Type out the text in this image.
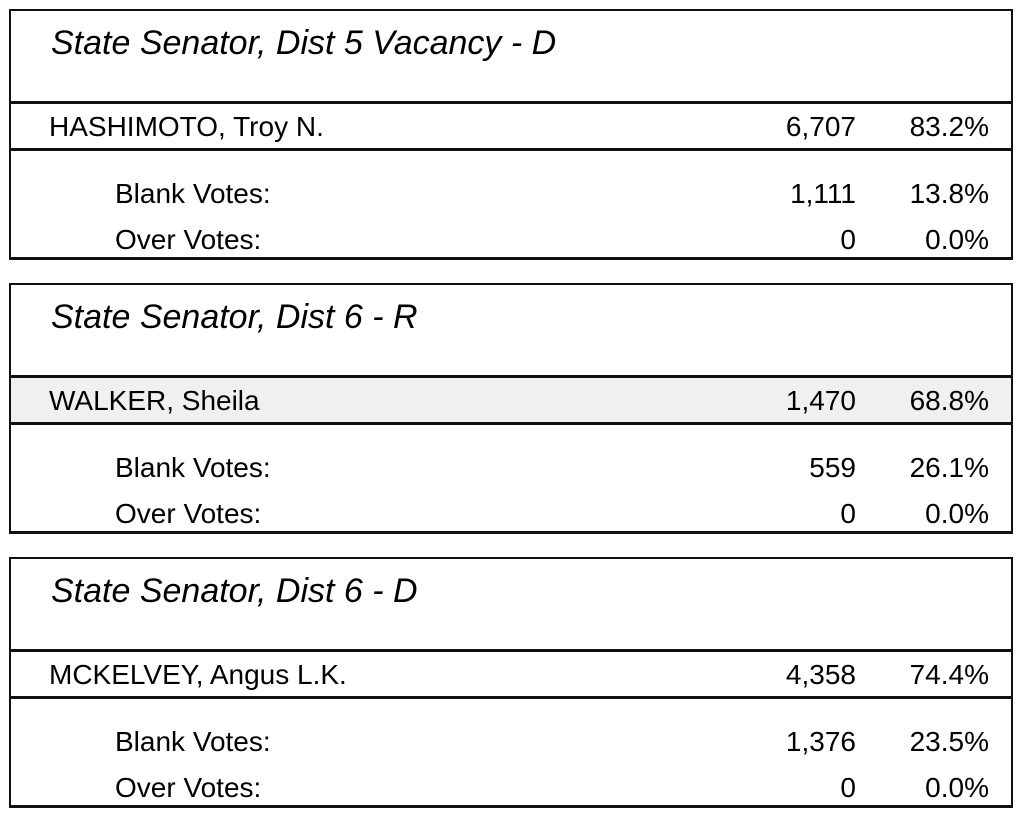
State Senator, Dist 5 Vacancy - D
HASHIMOTO, Troy N.	6,707 83.2%
Blank Votes:	1,111 13.8%
Over Votes:	0 0.0%
State Senator, Dist 6 - R
WALKER, Sheila	1,470 68.8%
Blank Votes:	559 26.1%
Over Votes:	0 0.0%
State Senator, Dist 6 - D
MCKELVEY, Angus L.K.	4,358 74.4%
Blank Votes:	1,376 23.5%
Over Votes:	0 0.0%
